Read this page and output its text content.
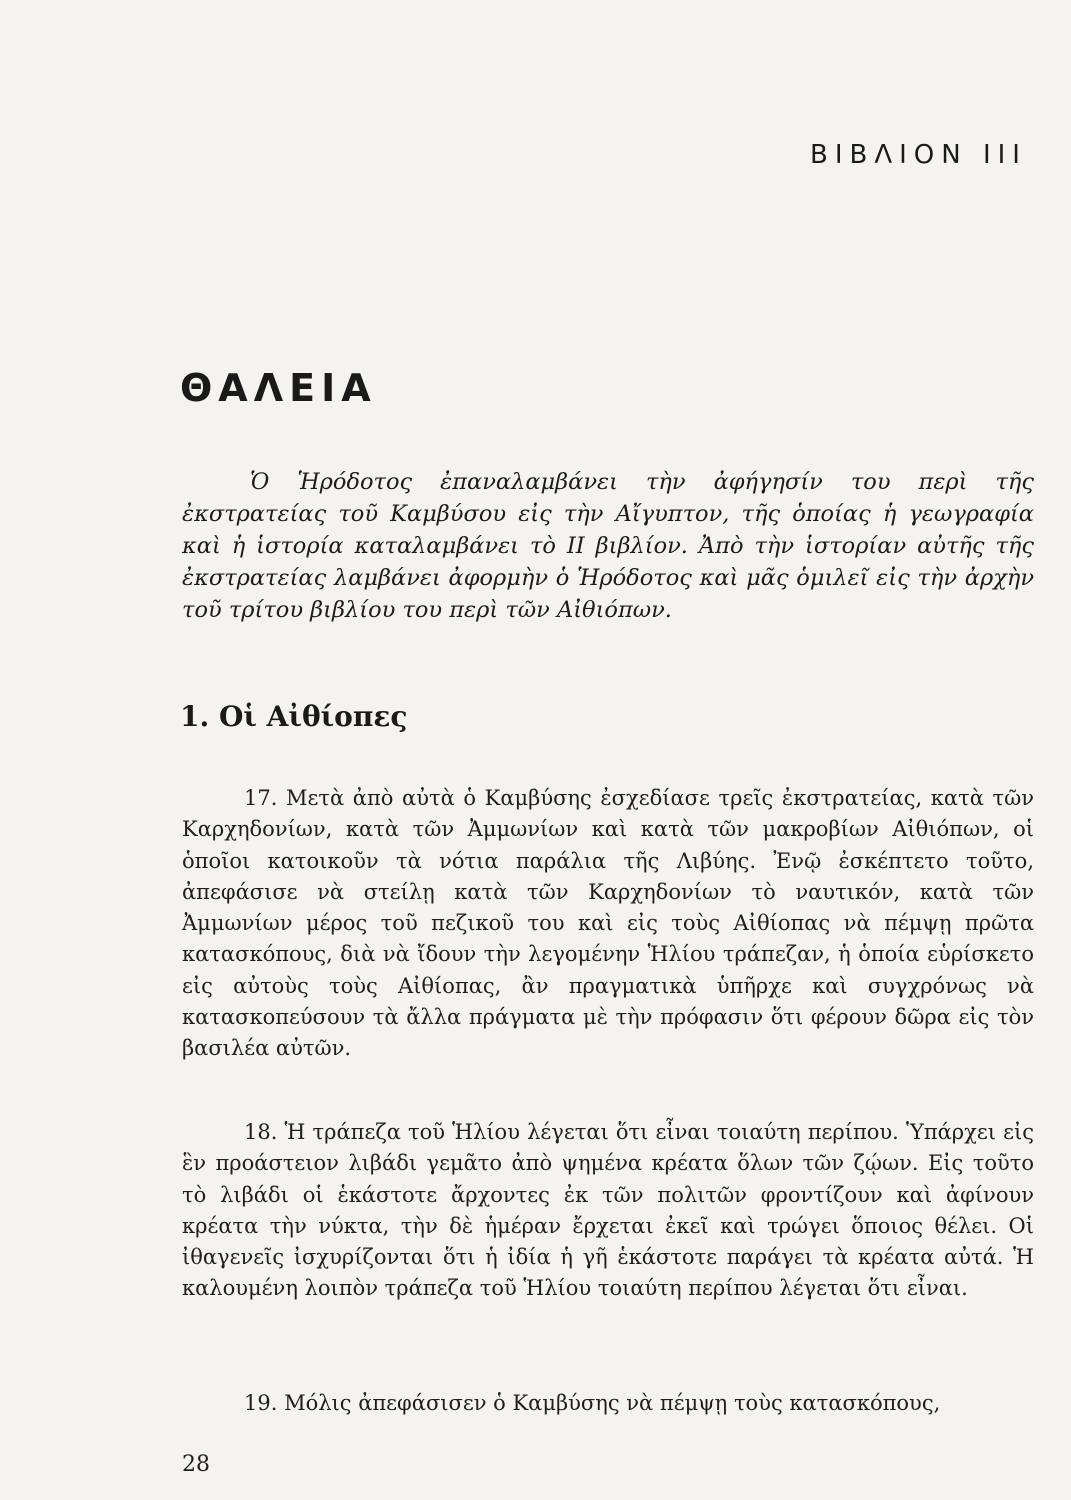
ΒΙΒΛΙΟΝ III
ΘΑΛΕΙΑ
Ὁ Ἡρόδοτος ἐπαναλαμβάνει τὴν ἀφήγησίν του περὶ τῆς ἐκστρατείας τοῦ Καμβύσου εἰς τὴν Αἴγυπτον, τῆς ὁποίας ἡ γεωγραφία καὶ ἡ ἱστορία καταλαμβάνει τὸ ΙΙ βιβλίον. Ἀπὸ τὴν ἱστορίαν αὐτῆς τῆς ἐκστρατείας λαμβάνει ἀφορμὴν ὁ Ἡρόδοτος καὶ μᾶς ὁμιλεῖ εἰς τὴν ἀρχὴν τοῦ τρίτου βιβλίου του περὶ τῶν Αἰθιόπων.
1. Οἱ Αἰθίοπες

17. Μετὰ ἀπὸ αὐτὰ ὁ Καμβύσης ἐσχεδίασε τρεῖς ἐκστρατείας, κατὰ τῶν Καρχηδονίων, κατὰ τῶν Ἀμμωνίων καὶ κατὰ τῶν μακροβίων Αἰθιόπων, οἱ ὁποῖοι κατοικοῦν τὰ νότια παράλια τῆς Λιβύης. Ἐνῷ ἐσκέπτετο τοῦτο, ἀπεφάσισε νὰ στείλῃ κατὰ τῶν Καρχηδονίων τὸ ναυτικόν, κατὰ τῶν Ἀμμωνίων μέρος τοῦ πεζικοῦ του καὶ εἰς τοὺς Αἰθίοπας νὰ πέμψῃ πρῶτα κατασκόπους, διὰ νὰ ἴδουν τὴν λεγομένην Ἡλίου τράπεζαν, ἡ ὁποία εὑρίσκετο εἰς αὐτοὺς τοὺς Αἰθίοπας, ἂν πραγματικὰ ὑπῆρχε καὶ συγχρόνως νὰ κατασκοπεύσουν τὰ ἄλλα πράγματα μὲ τὴν πρόφασιν ὅτι φέρουν δῶρα εἰς τὸν βασιλέα αὐτῶν.

18. Ἡ τράπεζα τοῦ Ἡλίου λέγεται ὅτι εἶναι τοιαύτη περίπου. Ὑπάρχει εἰς ἓν προάστειον λιβάδι γεμᾶτο ἀπὸ ψημένα κρέατα ὅλων τῶν ζῴων. Εἰς τοῦτο τὸ λιβάδι οἱ ἑκάστοτε ἄρχοντες ἐκ τῶν πολιτῶν φροντίζουν καὶ ἀφίνουν κρέατα τὴν νύκτα, τὴν δὲ ἡμέραν ἔρχεται ἐκεῖ καὶ τρώγει ὅποιος θέλει. Οἱ ἰθαγενεῖς ἰσχυρίζονται ὅτι ἡ ἰδία ἡ γῆ ἑκάστοτε παράγει τὰ κρέατα αὐτά. Ἡ καλουμένη λοιπὸν τράπεζα τοῦ Ἡλίου τοιαύτη περίπου λέγεται ὅτι εἶναι.

19. Μόλις ἀπεφάσισεν ὁ Καμβύσης νὰ πέμψῃ τοὺς κατασκόπους,

28
